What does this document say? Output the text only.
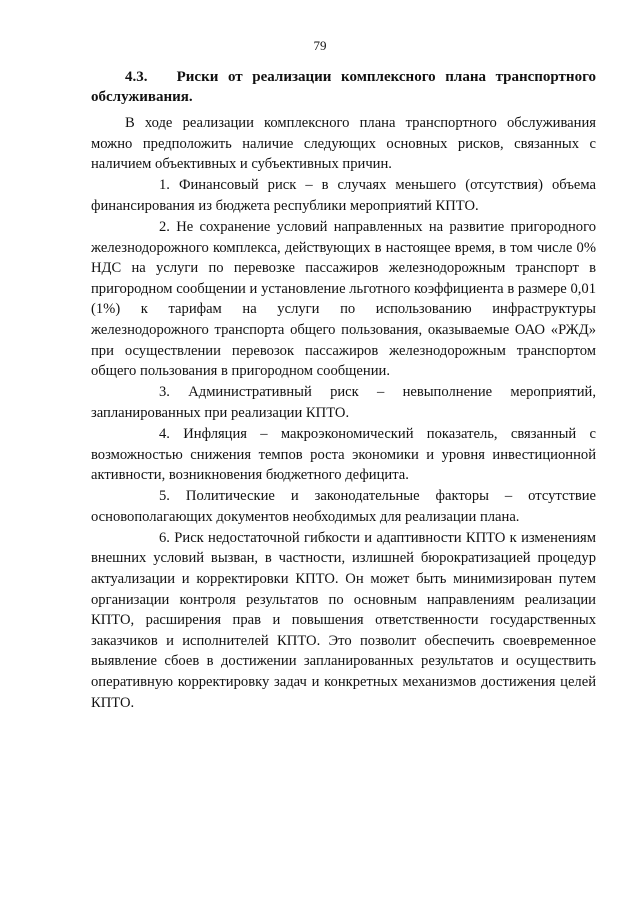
79
4.3. Риски от реализации комплексного плана транспортного обслуживания.

В ходе реализации комплексного плана транспортного обслуживания можно предположить наличие следующих основных рисков, связанных с наличием объективных и субъективных причин.

1. Финансовый риск – в случаях меньшего (отсутствия) объема финансирования из бюджета республики мероприятий КПТО.

2. Не сохранение условий направленных на развитие пригородного железнодорожного комплекса, действующих в настоящее время, в том числе 0% НДС на услуги по перевозке пассажиров железнодорожным транспорт в пригородном сообщении и установление льготного коэффициента в размере 0,01 (1%) к тарифам на услуги по использованию инфраструктуры железнодорожного транспорта общего пользования, оказываемые ОАО «РЖД» при осуществлении перевозок пассажиров железнодорожным транспортом общего пользования в пригородном сообщении.

3. Административный риск – невыполнение мероприятий, запланированных при реализации КПТО.

4. Инфляция – макроэкономический показатель, связанный с возможностью снижения темпов роста экономики и уровня инвестиционной активности, возникновения бюджетного дефицита.

5. Политические и законодательные факторы – отсутствие основополагающих документов необходимых для реализации плана.

6. Риск недостаточной гибкости и адаптивности КПТО к изменениям внешних условий вызван, в частности, излишней бюрократизацией процедур актуализации и корректировки КПТО. Он может быть минимизирован путем организации контроля результатов по основным направлениям реализации КПТО, расширения прав и повышения ответственности государственных заказчиков и исполнителей КПТО. Это позволит обеспечить своевременное выявление сбоев в достижении запланированных результатов и осуществить оперативную корректировку задач и конкретных механизмов достижения целей КПТО.
